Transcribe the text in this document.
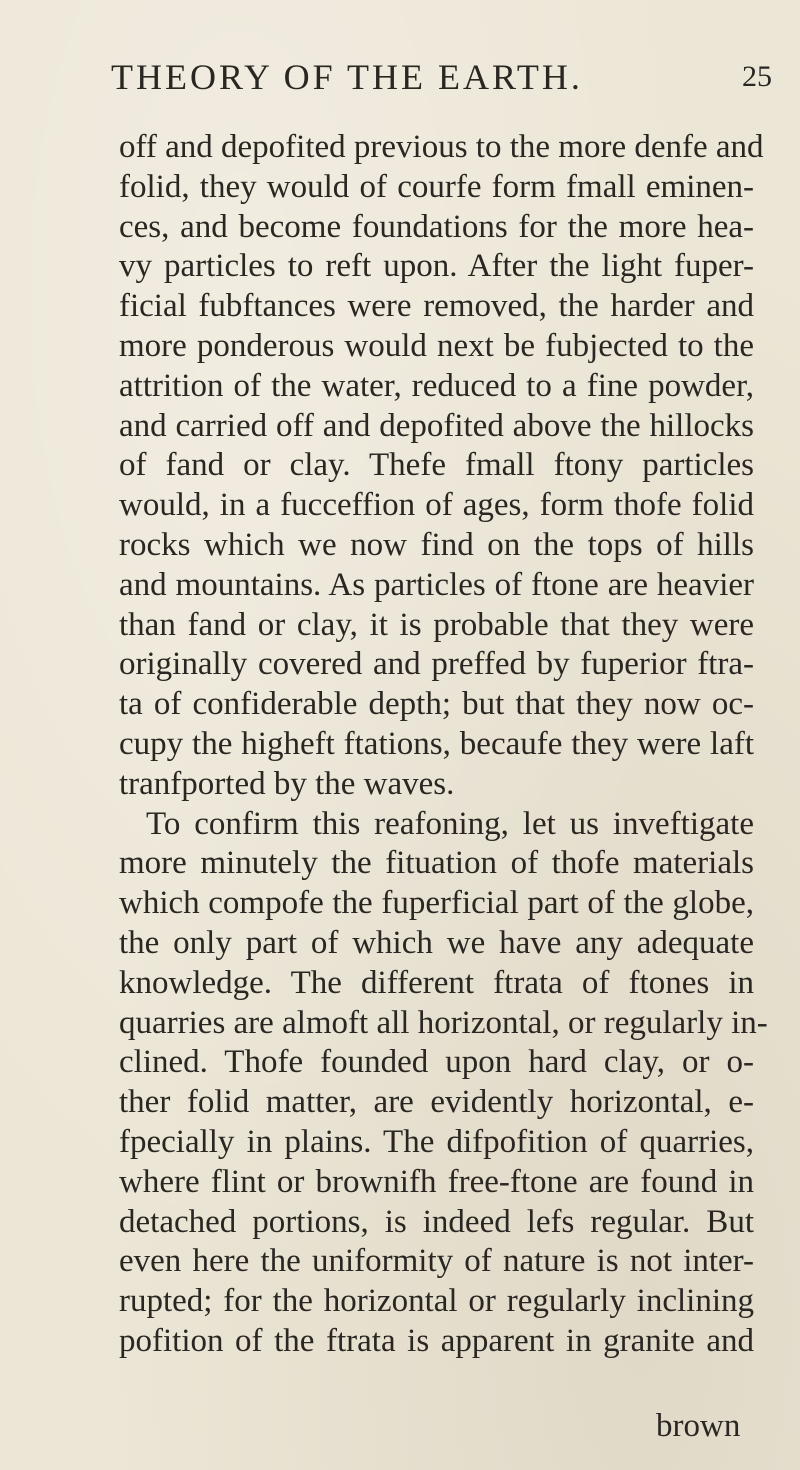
THEORY OF THE EARTH.	25
off and depofited previous to the more denfe and
folid, they would of courfe form fmall eminen-
ces, and become foundations for the more hea-
vy particles to reft upon. After the light fuper-
ficial fubftances were removed, the harder and
more ponderous would next be fubjected to the
attrition of the water, reduced to a fine powder,
and carried off and depofited above the hillocks
of fand or clay. Thefe fmall ftony particles
would, in a fucceffion of ages, form thofe folid
rocks which we now find on the tops of hills
and mountains. As particles of ftone are heavier
than fand or clay, it is probable that they were
originally covered and preffed by fuperior ftra-
ta of confiderable depth; but that they now oc-
cupy the higheft ftations, becaufe they were laft
tranfported by the waves.
To confirm this reafoning, let us inveftigate
more minutely the fituation of thofe materials
which compofe the fuperficial part of the globe,
the only part of which we have any adequate
knowledge. The different ftrata of ftones in
quarries are almoft all horizontal, or regularly in-
clined. Thofe founded upon hard clay, or o-
ther folid matter, are evidently horizontal, e-
fpecially in plains. The difpofition of quarries,
where flint or brownifh free-ftone are found in
detached portions, is indeed lefs regular. But
even here the uniformity of nature is not inter-
rupted; for the horizontal or regularly inclining
pofition of the ftrata is apparent in granite and
brown
